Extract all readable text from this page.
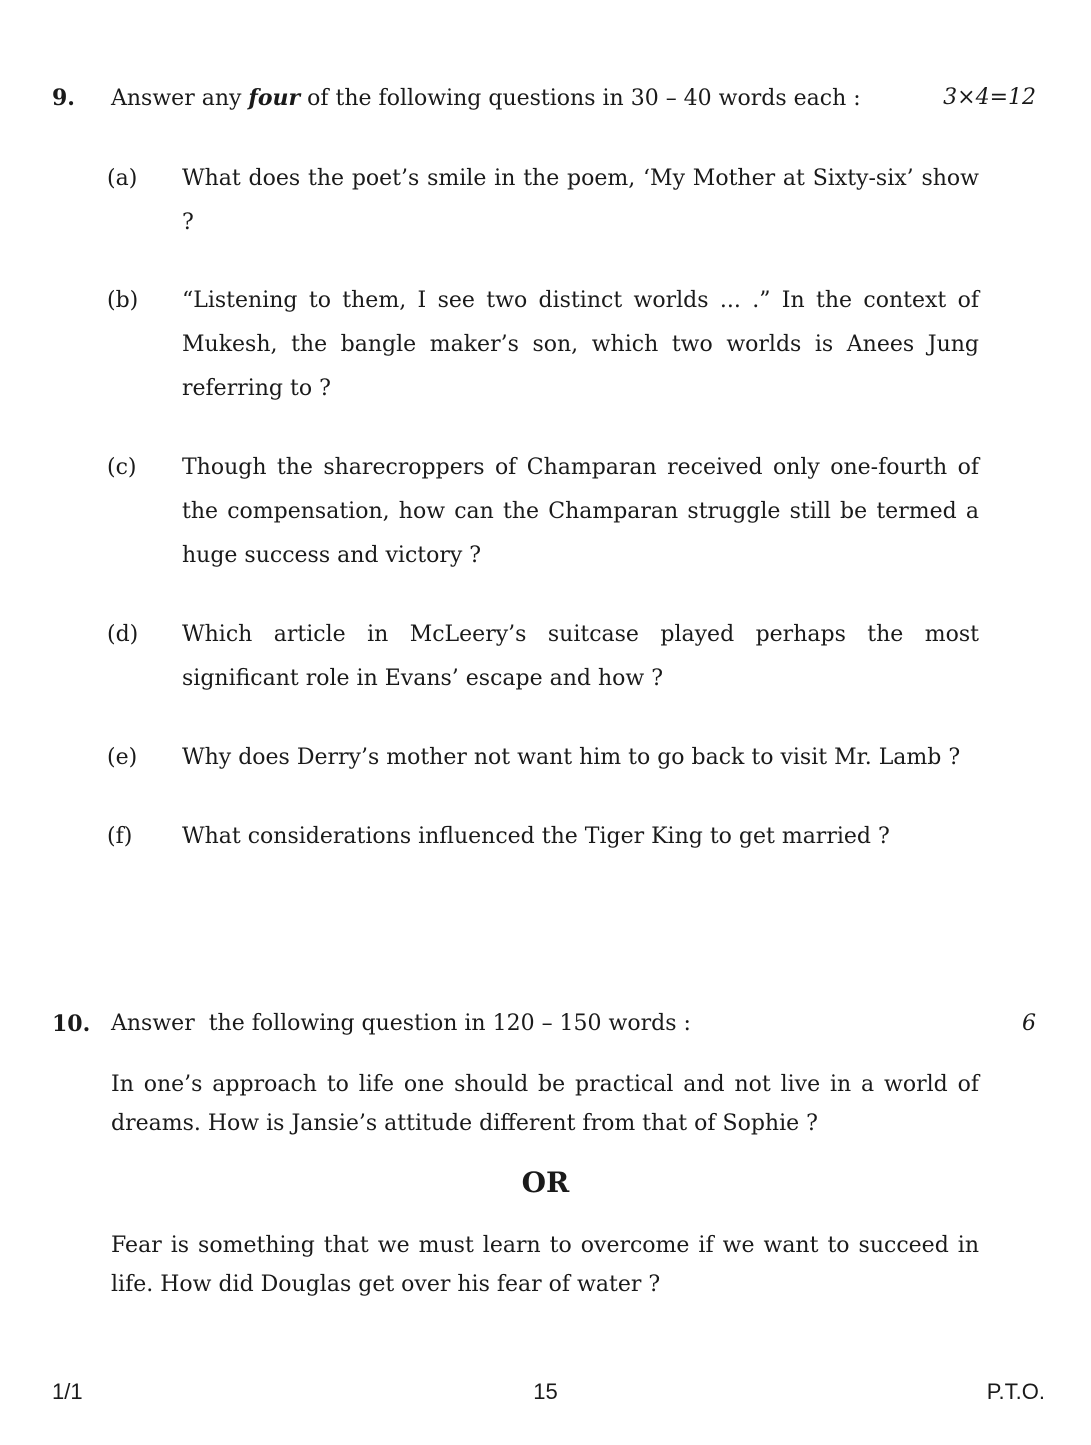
9. Answer any four of the following questions in 30 – 40 words each :	3×4=12
(a) What does the poet’s smile in the poem, ‘My Mother at Sixty-six’ show ?
(b) “Listening to them, I see two distinct worlds ... .” In the context of Mukesh, the bangle maker’s son, which two worlds is Anees Jung referring to ?
(c) Though the sharecroppers of Champaran received only one-fourth of the compensation, how can the Champaran struggle still be termed a huge success and victory ?
(d) Which article in McLeery’s suitcase played perhaps the most significant role in Evans’ escape and how ?
(e) Why does Derry’s mother not want him to go back to visit Mr. Lamb ?
(f) What considerations influenced the Tiger King to get married ?
10. Answer  the following question in 120 – 150 words :	6
In one’s approach to life one should be practical and not live in a world of dreams. How is Jansie’s attitude different from that of Sophie ?
OR
Fear is something that we must learn to overcome if we want to succeed in life. How did Douglas get over his fear of water ?
1/1	15	P.T.O.
